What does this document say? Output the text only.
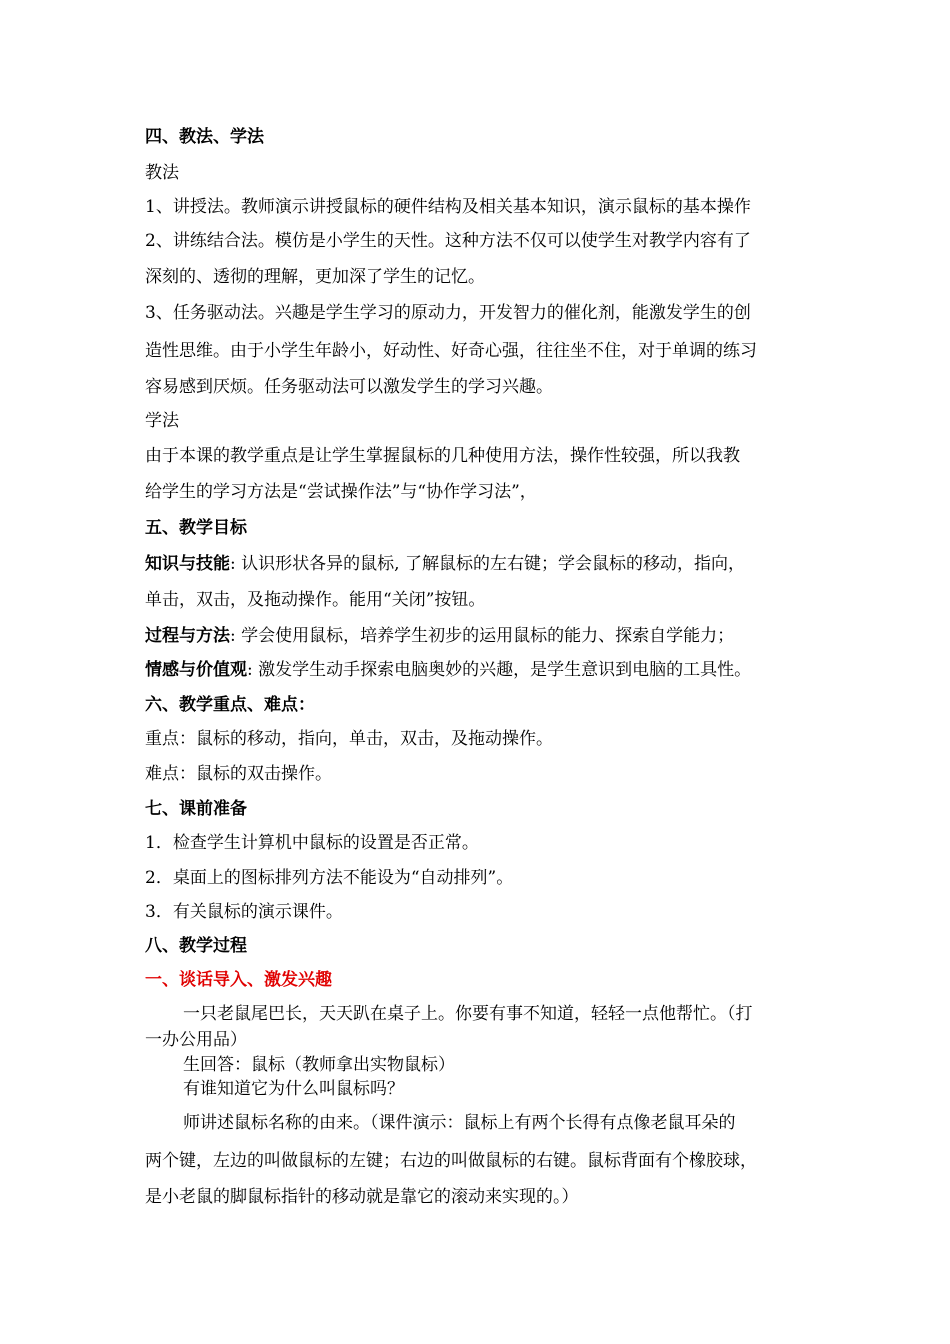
四、教法、学法
教法
1、讲授法。教师演示讲授鼠标的硬件结构及相关基本知识，演示鼠标的基本操作
2、讲练结合法。模仿是小学生的天性。这种方法不仅可以使学生对教学内容有了
深刻的、透彻的理解，更加深了学生的记忆。
3、任务驱动法。兴趣是学生学习的原动力，开发智力的催化剂，能激发学生的创
造性思维。由于小学生年龄小，好动性、好奇心强，往往坐不住，对于单调的练习
容易感到厌烦。任务驱动法可以激发学生的学习兴趣。
学法
由于本课的教学重点是让学生掌握鼠标的几种使用方法，操作性较强，所以我教
给学生的学习方法是“尝试操作法”与“协作学习法”，
五、教学目标
知识与技能: 认识形状各异的鼠标, 了解鼠标的左右键；学会鼠标的移动，指向，
单击，双击，及拖动操作。能用“关闭”按钮。
过程与方法: 学会使用鼠标，培养学生初步的运用鼠标的能力、探索自学能力；
情感与价值观: 激发学生动手探索电脑奥妙的兴趣，是学生意识到电脑的工具性。
六、教学重点、难点：
重点：鼠标的移动，指向，单击，双击，及拖动操作。
难点：鼠标的双击操作。
七、课前准备
1．检查学生计算机中鼠标的设置是否正常。
2．桌面上的图标排列方法不能设为“自动排列”。
3．有关鼠标的演示课件。
八、教学过程
一、谈话导入、激发兴趣
一只老鼠尾巴长，天天趴在桌子上。你要有事不知道，轻轻一点他帮忙。（打
一办公用品）
生回答：鼠标（教师拿出实物鼠标）
有谁知道它为什么叫鼠标吗？
师讲述鼠标名称的由来。（课件演示：鼠标上有两个长得有点像老鼠耳朵的
两个键，左边的叫做鼠标的左键；右边的叫做鼠标的右键。鼠标背面有个橡胶球，
是小老鼠的脚鼠标指针的移动就是靠它的滚动来实现的。）
